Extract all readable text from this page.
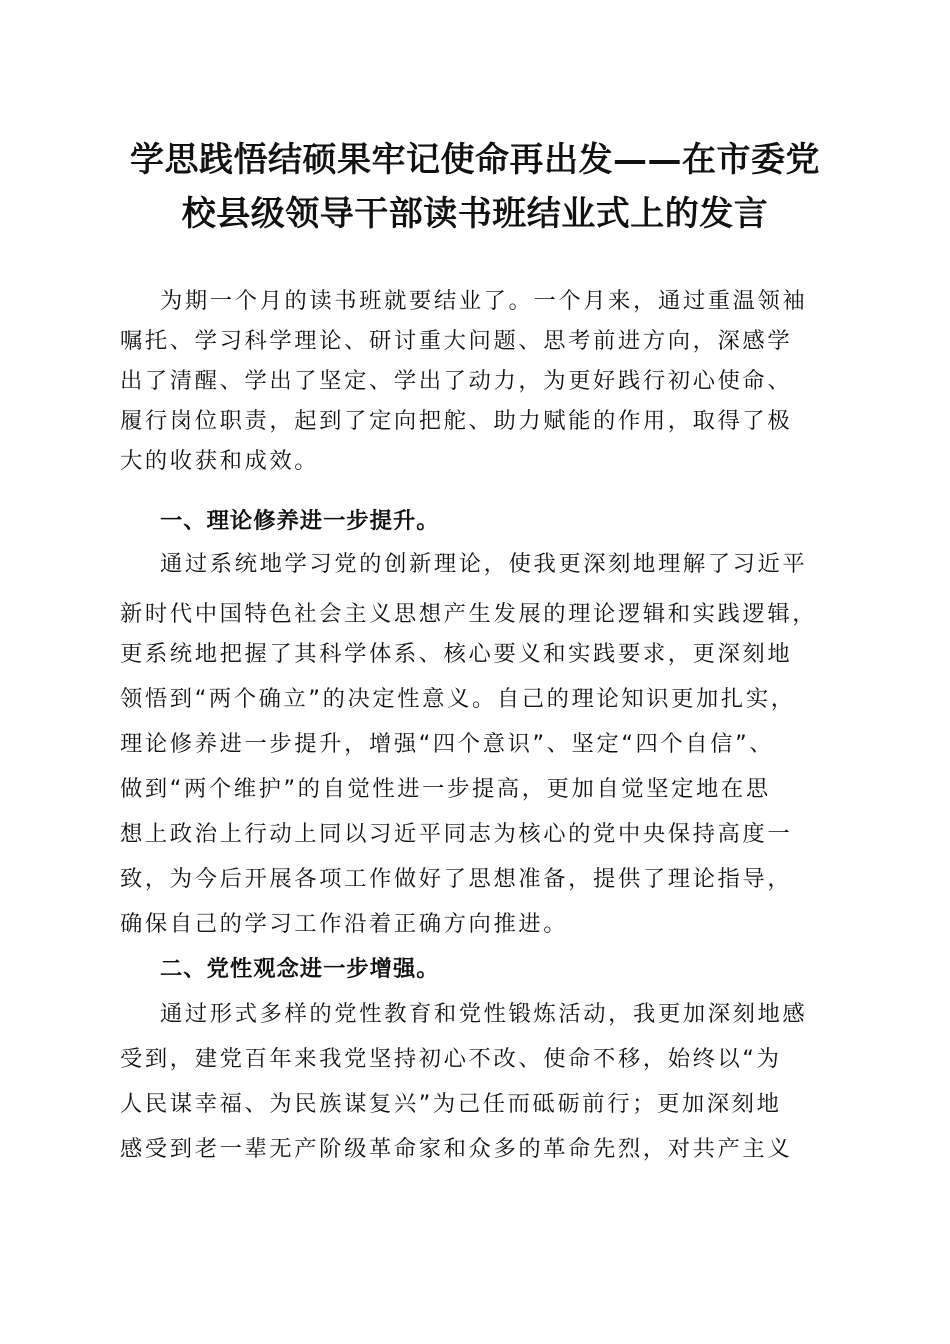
学思践悟结硕果牢记使命再出发——在市委党
校县级领导干部读书班结业式上的发言
为期一个月的读书班就要结业了。一个月来，通过重温领袖
嘱托、学习科学理论、研讨重大问题、思考前进方向，深感学
出了清醒、学出了坚定、学出了动力，为更好践行初心使命、
履行岗位职责，起到了定向把舵、助力赋能的作用，取得了极
大的收获和成效。
一、理论修养进一步提升。
通过系统地学习党的创新理论，使我更深刻地理解了习近平
新时代中国特色社会主义思想产生发展的理论逻辑和实践逻辑，
更系统地把握了其科学体系、核心要义和实践要求，更深刻地
领悟到“两个确立”的决定性意义。自己的理论知识更加扎实，
理论修养进一步提升，增强“四个意识”、坚定“四个自信”、
做到“两个维护”的自觉性进一步提高，更加自觉坚定地在思
想上政治上行动上同以习近平同志为核心的党中央保持高度一
致，为今后开展各项工作做好了思想准备，提供了理论指导，
确保自己的学习工作沿着正确方向推进。
二、党性观念进一步增强。
通过形式多样的党性教育和党性锻炼活动，我更加深刻地感
受到，建党百年来我党坚持初心不改、使命不移，始终以“为
人民谋幸福、为民族谋复兴”为己任而砥砺前行；更加深刻地
感受到老一辈无产阶级革命家和众多的革命先烈，对共产主义
